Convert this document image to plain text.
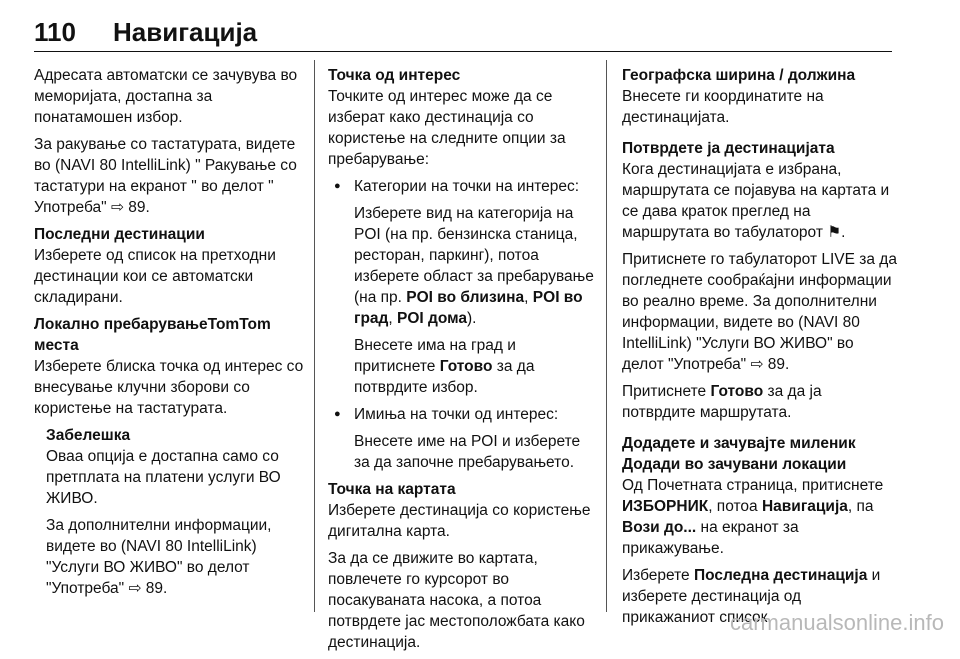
110 Навигација

Адресата автоматски се зачувува во меморијата, достапна за понатамошен избор.

За ракување со тастатурата, видете во (NAVI 80 IntelliLink) " Ракување со тастатури на екранот " во делот " Употреба" ⇨ 89.

Последни дестинации

Изберете од список на претходни дестинации кои се автоматски складирани.

Локално пребарувањеTomTom места

Изберете блиска точка од интерес со внесување клучни зборови со користење на тастатурата.

Забелешка

Оваа опција е достапна само со претплата на платени услуги ВО ЖИВО.

За дополнителни информации, видете во (NAVI 80 IntelliLink) "Услуги ВО ЖИВО" во делот "Употреба" ⇨ 89.

Точка од интерес

Точките од интерес може да се изберат како дестинација со користење на следните опции за пребарување:

● Категории на точки на интерес:

Изберете вид на категорија на POI (на пр. бензинска станица, ресторан, паркинг), потоа изберете област за пребарување (на пр. POI во близина, POI во град, POI дома).

Внесете има на град и притиснете Готово за да потврдите избор.

● Имиња на точки од интерес:

Внесете име на POI и изберете за да започне пребарувањето.

Точка на картата

Изберете дестинација со користење дигитална карта.

За да се движите во картата, повлечете го курсорот во посакуваната насока, а потоа потврдете јас местоположбата како дестинација.

Географска ширина / должина

Внесете ги координатите на дестинацијата.

Потврдете ја дестинацијата

Кога дестинацијата е избрана, маршрутата се појавува на картата и се дава краток преглед на маршрутата во табулаторот ⚑.

Притиснете го табулаторот LIVE за да погледнете сообраќајни информации во реално време. За дополнителни информации, видете во (NAVI 80 IntelliLink) "Услуги ВО ЖИВО" во делот "Употреба" ⇨ 89.

Притиснете Готово за да ја потврдите маршрутата.

Додадете и зачувајте миленик

Додади во зачувани локации

Од Почетната страница, притиснете ИЗБОРНИК, потоа Навигација, па Вози до... на екранот за прикажување.

Изберете Последна дестинација и изберете дестинација од прикажаниот список.

carmanualsonline.info
